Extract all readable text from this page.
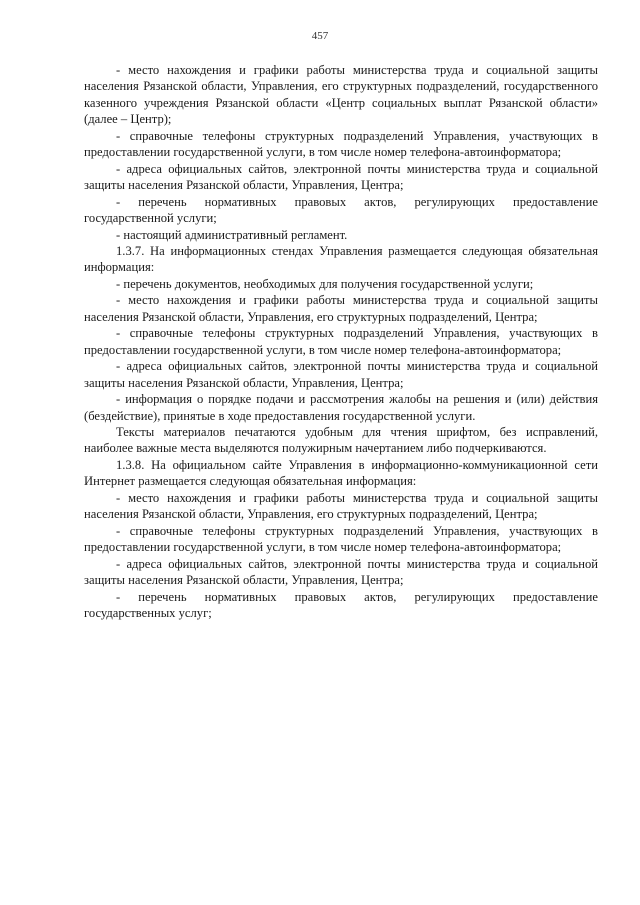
457

- место нахождения и графики работы министерства труда и социальной защиты населения Рязанской области, Управления, его структурных подразделений, государственного казенного учреждения Рязанской области «Центр социальных выплат Рязанской области» (далее – Центр);

- справочные телефоны структурных подразделений Управления, участвующих в предоставлении государственной услуги, в том числе номер телефона-автоинформатора;

- адреса официальных сайтов, электронной почты министерства труда и социальной защиты населения Рязанской области, Управления, Центра;

- перечень нормативных правовых актов, регулирующих предоставление государственной услуги;

- настоящий административный регламент.

1.3.7. На информационных стендах Управления размещается следующая обязательная информация:

- перечень документов, необходимых для получения государственной услуги;

- место нахождения и графики работы министерства труда и социальной защиты населения Рязанской области, Управления, его структурных подразделений, Центра;

- справочные телефоны структурных подразделений Управления, участвующих в предоставлении государственной услуги, в том числе номер телефона-автоинформатора;

- адреса официальных сайтов, электронной почты министерства труда и социальной защиты населения Рязанской области, Управления, Центра;

- информация о порядке подачи и рассмотрения жалобы на решения и (или) действия (бездействие), принятые в ходе предоставления государственной услуги.

Тексты материалов печатаются удобным для чтения шрифтом, без исправлений, наиболее важные места выделяются полужирным начертанием либо подчеркиваются.

1.3.8. На официальном сайте Управления в информационно-коммуникационной сети Интернет размещается следующая обязательная информация:

- место нахождения и графики работы министерства труда и социальной защиты населения Рязанской области, Управления, его структурных подразделений, Центра;

- справочные телефоны структурных подразделений Управления, участвующих в предоставлении государственной услуги, в том числе номер телефона-автоинформатора;

- адреса официальных сайтов, электронной почты министерства труда и социальной защиты населения Рязанской области, Управления, Центра;

- перечень нормативных правовых актов, регулирующих предоставление государственных услуг;
